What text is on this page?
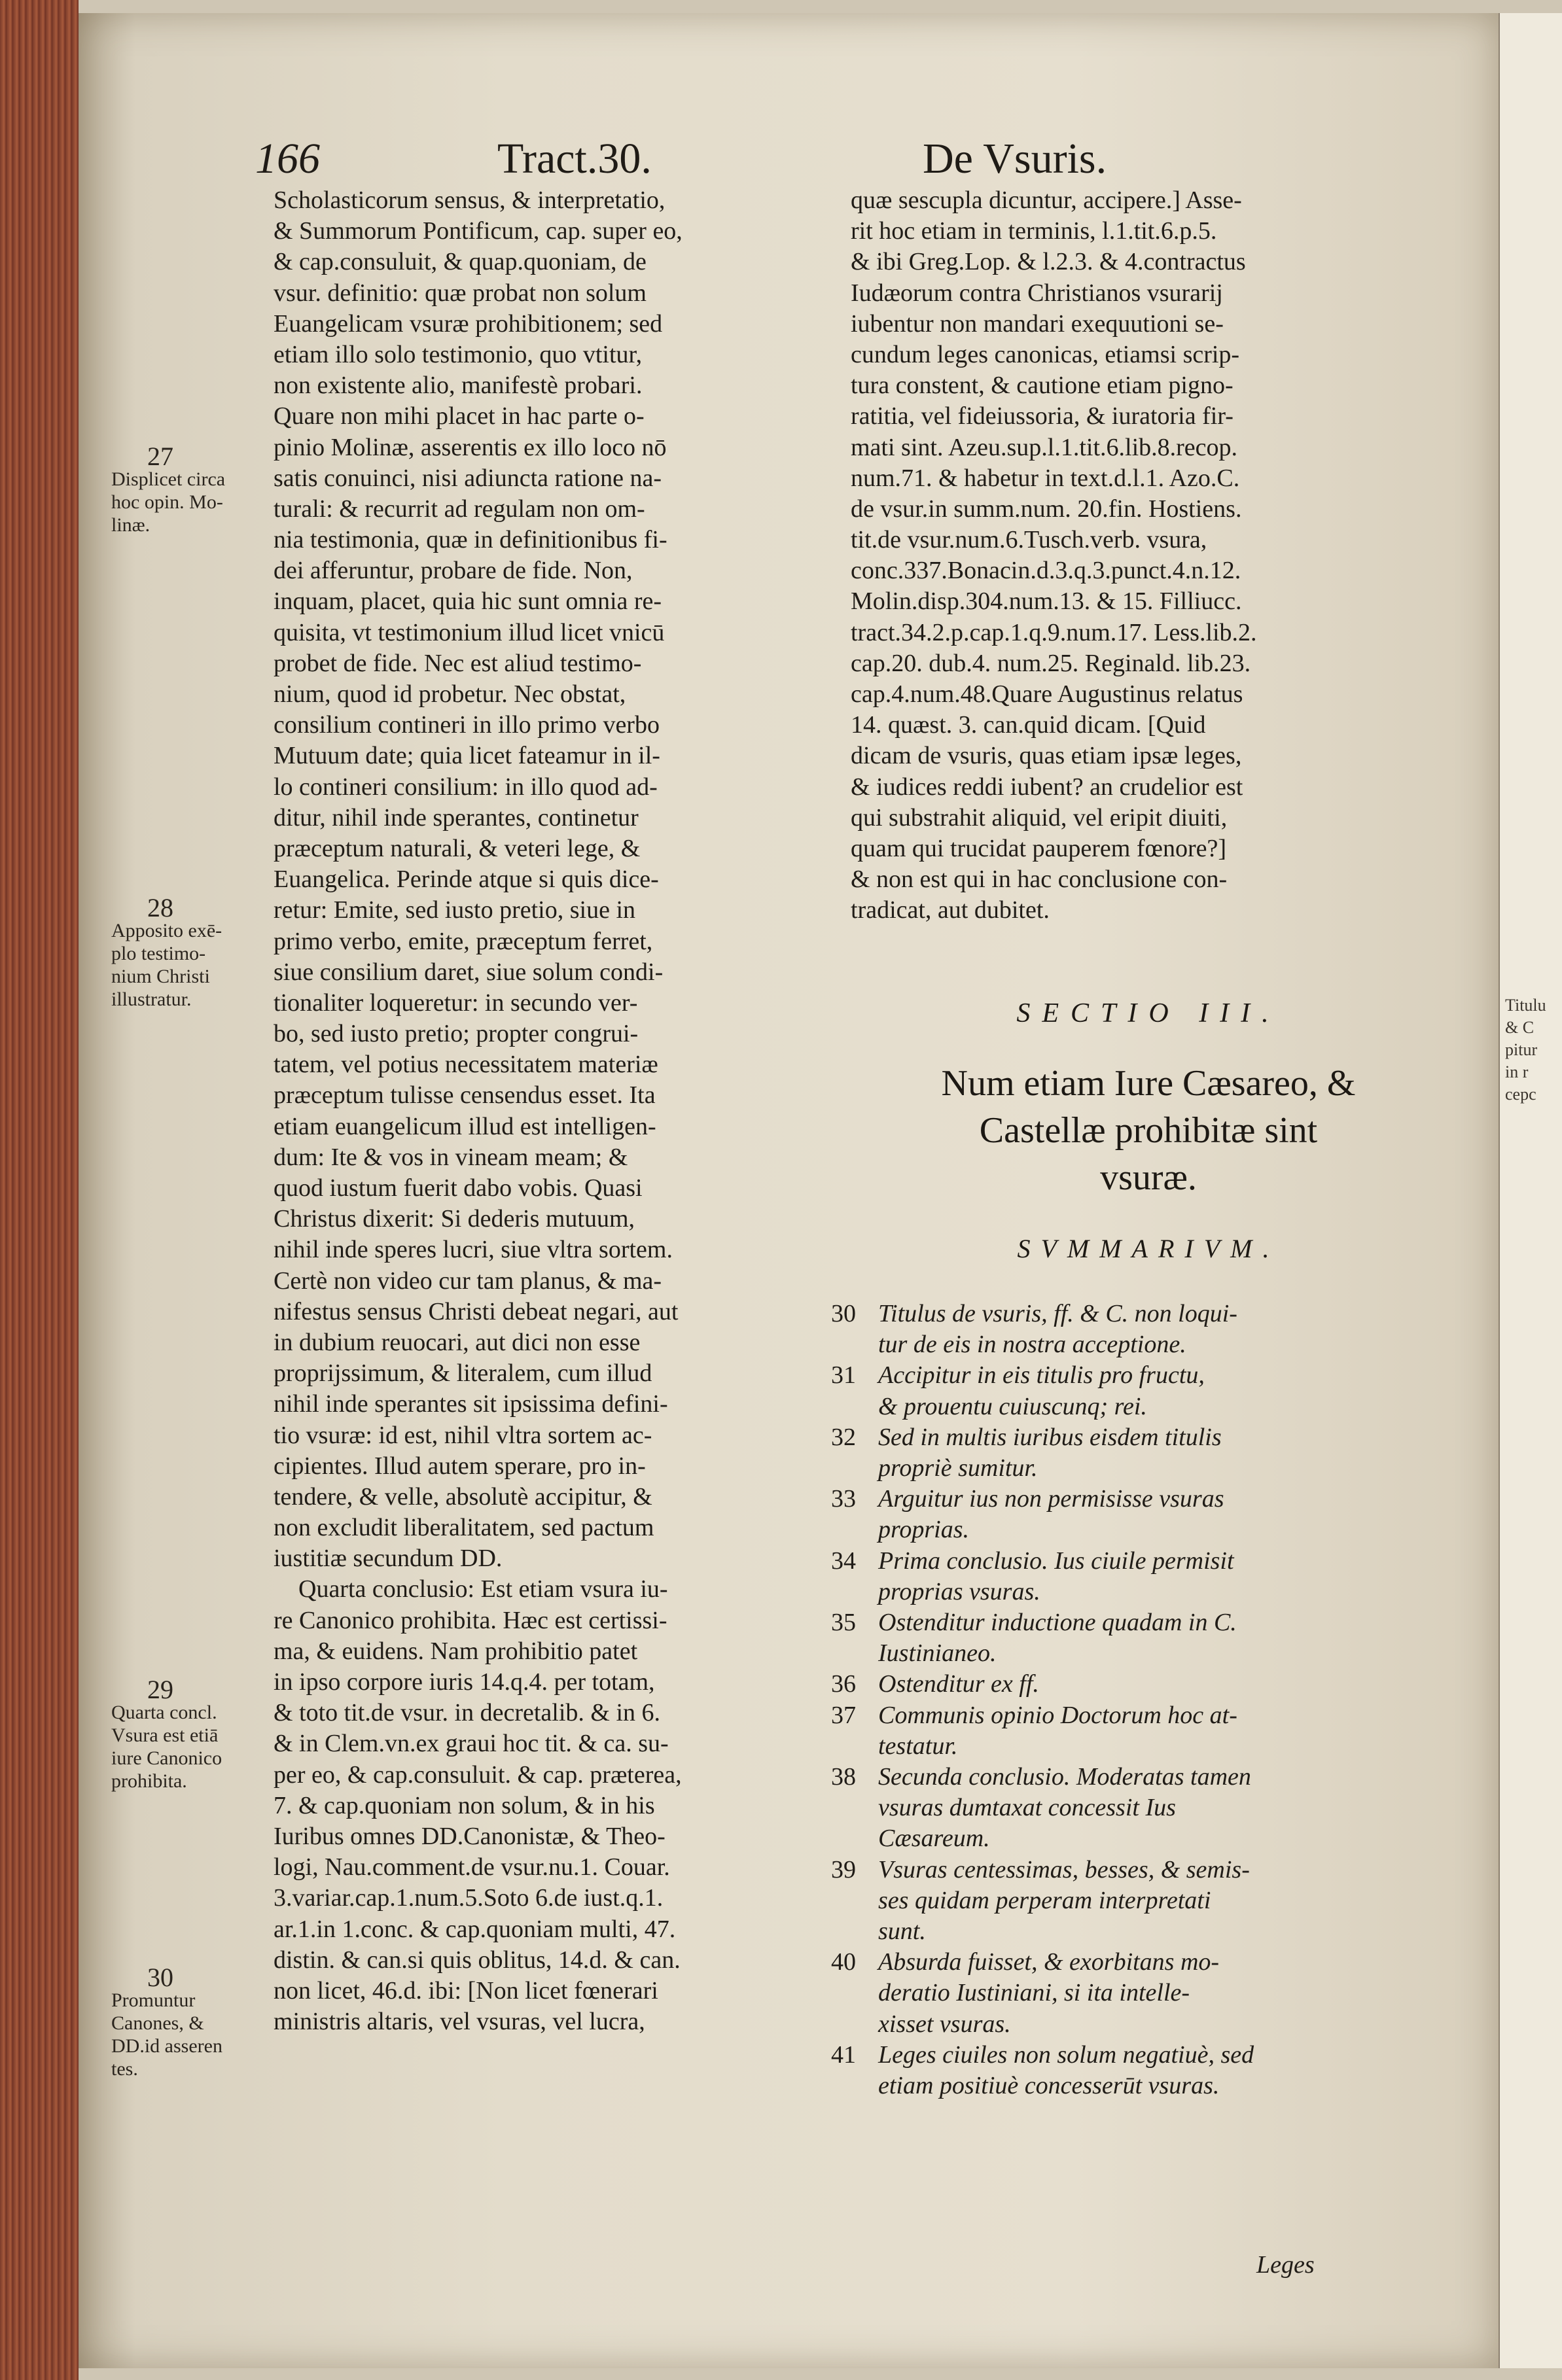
Titulu
& C
pitur
in r
cepc
166	Tract.30.	De Vsuris.
Scholasticorum sensus, & interpretatio,
& Summorum Pontificum, cap. super eo,
& cap.consuluit, & quap.quoniam, de
vsur. definitio: quæ probat non solum
Euangelicam vsuræ prohibitionem; sed
etiam illo solo testimonio, quo vtitur,
non existente alio, manifestè probari.
Quare non mihi placet in hac parte o-
pinio Molinæ, asserentis ex illo loco nō
satis conuinci, nisi adiuncta ratione na-
turali: & recurrit ad regulam non om-
nia testimonia, quæ in definitionibus fi-
dei afferuntur, probare de fide. Non,
inquam, placet, quia hic sunt omnia re-
quisita, vt testimonium illud licet vnicū
probet de fide. Nec est aliud testimo-
nium, quod id probetur. Nec obstat,
consilium contineri in illo primo verbo
Mutuum date; quia licet fateamur in il-
lo contineri consilium: in illo quod ad-
ditur, nihil inde sperantes, continetur
præceptum naturali, & veteri lege, &
Euangelica. Perinde atque si quis dice-
retur: Emite, sed iusto pretio, siue in
primo verbo, emite, præceptum ferret,
siue consilium daret, siue solum condi-
tionaliter loqueretur: in secundo ver-
bo, sed iusto pretio; propter congrui-
tatem, vel potius necessitatem materiæ
præceptum tulisse censendus esset. Ita
etiam euangelicum illud est intelligen-
dum: Ite & vos in vineam meam; &
quod iustum fuerit dabo vobis. Quasi
Christus dixerit: Si dederis mutuum,
nihil inde speres lucri, siue vltra sortem.
Certè non video cur tam planus, & ma-
nifestus sensus Christi debeat negari, aut
in dubium reuocari, aut dici non esse
proprijssimum, & literalem, cum illud
nihil inde sperantes sit ipsissima defini-
tio vsuræ: id est, nihil vltra sortem ac-
cipientes. Illud autem sperare, pro in-
tendere, & velle, absolutè accipitur, &
non excludit liberalitatem, sed pactum
iustitiæ secundum DD.
Quarta conclusio: Est etiam vsura iu-
re Canonico prohibita. Hæc est certissi-
ma, & euidens. Nam prohibitio patet
in ipso corpore iuris 14.q.4. per totam,
& toto tit.de vsur. in decretalib. & in 6.
& in Clem.vn.ex graui hoc tit. & ca. su-
per eo, & cap.consuluit. & cap. præterea,
7. & cap.quoniam non solum, & in his
Iuribus omnes DD.Canonistæ, & Theo-
logi, Nau.comment.de vsur.nu.1. Couar.
3.variar.cap.1.num.5.Soto 6.de iust.q.1.
ar.1.in 1.conc. & cap.quoniam multi, 47.
distin. & can.si quis oblitus, 14.d. & can.
non licet, 46.d. ibi: [Non licet fœnerari
ministris altaris, vel vsuras, vel lucra,
quæ sescupla dicuntur, accipere.] Asse-
rit hoc etiam in terminis, l.1.tit.6.p.5.
& ibi Greg.Lop. & l.2.3. & 4.contractus
Iudæorum contra Christianos vsurarij
iubentur non mandari exequutioni se-
cundum leges canonicas, etiamsi scrip-
tura constent, & cautione etiam pigno-
ratitia, vel fideiussoria, & iuratoria fir-
mati sint. Azeu.sup.l.1.tit.6.lib.8.recop.
num.71. & habetur in text.d.l.1. Azo.C.
de vsur.in summ.num. 20.fin. Hostiens.
tit.de vsur.num.6.Tusch.verb. vsura,
conc.337.Bonacin.d.3.q.3.punct.4.n.12.
Molin.disp.304.num.13. & 15. Filliucc.
tract.34.2.p.cap.1.q.9.num.17. Less.lib.2.
cap.20. dub.4. num.25. Reginald. lib.23.
cap.4.num.48.Quare Augustinus relatus
14. quæst. 3. can.quid dicam. [Quid
dicam de vsuris, quas etiam ipsæ leges,
& iudices reddi iubent? an crudelior est
qui substrahit aliquid, vel eripit diuiti,
quam qui trucidat pauperem fœnore?]
& non est qui in hac conclusione con-
tradicat, aut dubitet.
SECTIO III.
Num etiam Iure Cæsareo, &
Castellæ prohibitæ sint
vsuræ.
SVMMARIVM.
30 Titulus de vsuris, ff. & C. non loqui-
tur de eis in nostra acceptione.
31 Accipitur in eis titulis pro fructu,
& prouentu cuiuscunq; rei.
32 Sed in multis iuribus eisdem titulis
propriè sumitur.
33 Arguitur ius non permisisse vsuras
proprias.
34 Prima conclusio. Ius ciuile permisit
proprias vsuras.
35 Ostenditur inductione quadam in C.
Iustinianeo.
36 Ostenditur ex ff.
37 Communis opinio Doctorum hoc at-
testatur.
38 Secunda conclusio. Moderatas tamen
vsuras dumtaxat concessit Ius
Cæsareum.
39 Vsuras centessimas, besses, & semis-
ses quidam perperam interpretati
sunt.
40 Absurda fuisset, & exorbitans mo-
deratio Iustiniani, si ita intelle-
xisset vsuras.
41 Leges ciuiles non solum negatiuè, sed
etiam positiuè concesserūt vsuras.
Leges
27
Displicet circa
hoc opin. Mo-
linæ.
28
Apposito exē-
plo testimo-
nium Christi
illustratur.
29
Quarta concl.
Vsura est etiā
iure Canonico
prohibita.
30
Promuntur
Canones, &
DD.id asseren
tes.
